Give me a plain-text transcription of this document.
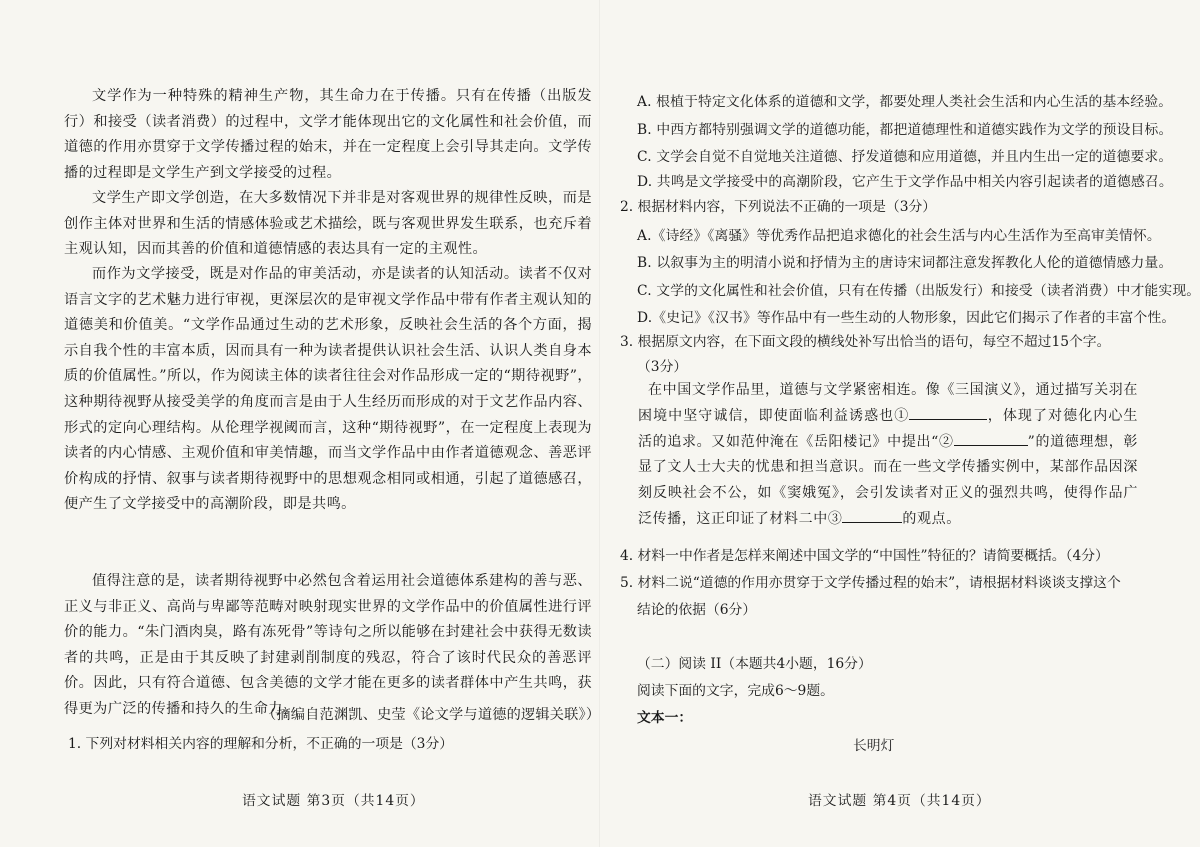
文学作为一种特殊的精神生产物，其生命力在于传播。只有在传播（出版发行）和接受（读者消费）的过程中，文学才能体现出它的文化属性和社会价值，而道德的作用亦贯穿于文学传播过程的始末，并在一定程度上会引导其走向。文学传播的过程即是文学生产到文学接受的过程。

文学生产即文学创造，在大多数情况下并非是对客观世界的规律性反映，而是创作主体对世界和生活的情感体验或艺术描绘，既与客观世界发生联系，也充斥着主观认知，因而其善的价值和道德情感的表达具有一定的主观性。

而作为文学接受，既是对作品的审美活动，亦是读者的认知活动。读者不仅对语言文字的艺术魅力进行审视，更深层次的是审视文学作品中带有作者主观认知的道德美和价值美。“文学作品通过生动的艺术形象，反映社会生活的各个方面，揭示自我个性的丰富本质，因而具有一种为读者提供认识社会生活、认识人类自身本质的价值属性。”所以，作为阅读主体的读者往往会对作品形成一定的“期待视野”，这种期待视野从接受美学的角度而言是由于人生经历而形成的对于文艺作品内容、形式的定向心理结构。从伦理学视阈而言，这种“期待视野”，在一定程度上表现为读者的内心情感、主观价值和审美情趣，而当文学作品中由作者道德观念、善恶评价构成的抒情、叙事与读者期待视野中的思想观念相同或相通，引起了道德感召，便产生了文学接受中的高潮阶段，即是共鸣。

值得注意的是，读者期待视野中必然包含着运用社会道德体系建构的善与恶、正义与非正义、高尚与卑鄙等范畴对映射现实世界的文学作品中的价值属性进行评价的能力。“朱门酒肉臭，路有冻死骨”等诗句之所以能够在封建社会中获得无数读者的共鸣，正是由于其反映了封建剥削制度的残忍，符合了该时代民众的善恶评价。因此，只有符合道德、包含美德的文学才能在更多的读者群体中产生共鸣，获得更为广泛的传播和持久的生命力。

（摘编自范渊凯、史莹《论文学与道德的逻辑关联》）
1. 下列对材料相关内容的理解和分析，不正确的一项是（3分）
语文试题 第3页（共14页）
A. 根植于特定文化体系的道德和文学，都要处理人类社会生活和内心生活的基本经验。
B. 中西方都特别强调文学的道德功能，都把道德理性和道德实践作为文学的预设目标。
C. 文学会自觉不自觉地关注道德、抒发道德和应用道德，并且内生出一定的道德要求。
D. 共鸣是文学接受中的高潮阶段，它产生于文学作品中相关内容引起读者的道德感召。
2. 根据材料内容，下列说法不正确的一项是（3分）
A.《诗经》《离骚》等优秀作品把追求德化的社会生活与内心生活作为至高审美情怀。
B. 以叙事为主的明清小说和抒情为主的唐诗宋词都注意发挥教化人伦的道德情感力量。
C. 文学的文化属性和社会价值，只有在传播（出版发行）和接受（读者消费）中才能实现。
D.《史记》《汉书》等作品中有一些生动的人物形象，因此它们揭示了作者的丰富个性。
3. 根据原文内容，在下面文段的横线处补写出恰当的语句，每空不超过15个字。
（3分）

在中国文学作品里，道德与文学紧密相连。像《三国演义》，通过描写关羽在困境中坚守诚信，即使面临利益诱惑也①	，体现了对德化内心生活的追求。又如范仲淹在《岳阳楼记》中提出“②	”的道德理想，彰显了文人士大夫的忧患和担当意识。而在一些文学传播实例中，某部作品因深刻反映社会不公，如《窦娥冤》，会引发读者对正义的强烈共鸣，使得作品广泛传播，这正印证了材料二中③	的观点。

4. 材料一中作者是怎样来阐述中国文学的“中国性”特征的？请简要概括。（4分）
5. 材料二说“道德的作用亦贯穿于文学传播过程的始末”，请根据材料谈谈支撑这个
结论的依据（6分）
（二）阅读 II（本题共4小题，16分）
阅读下面的文字，完成6～9题。
文本一：
长明灯
语文试题 第4页（共14页）
